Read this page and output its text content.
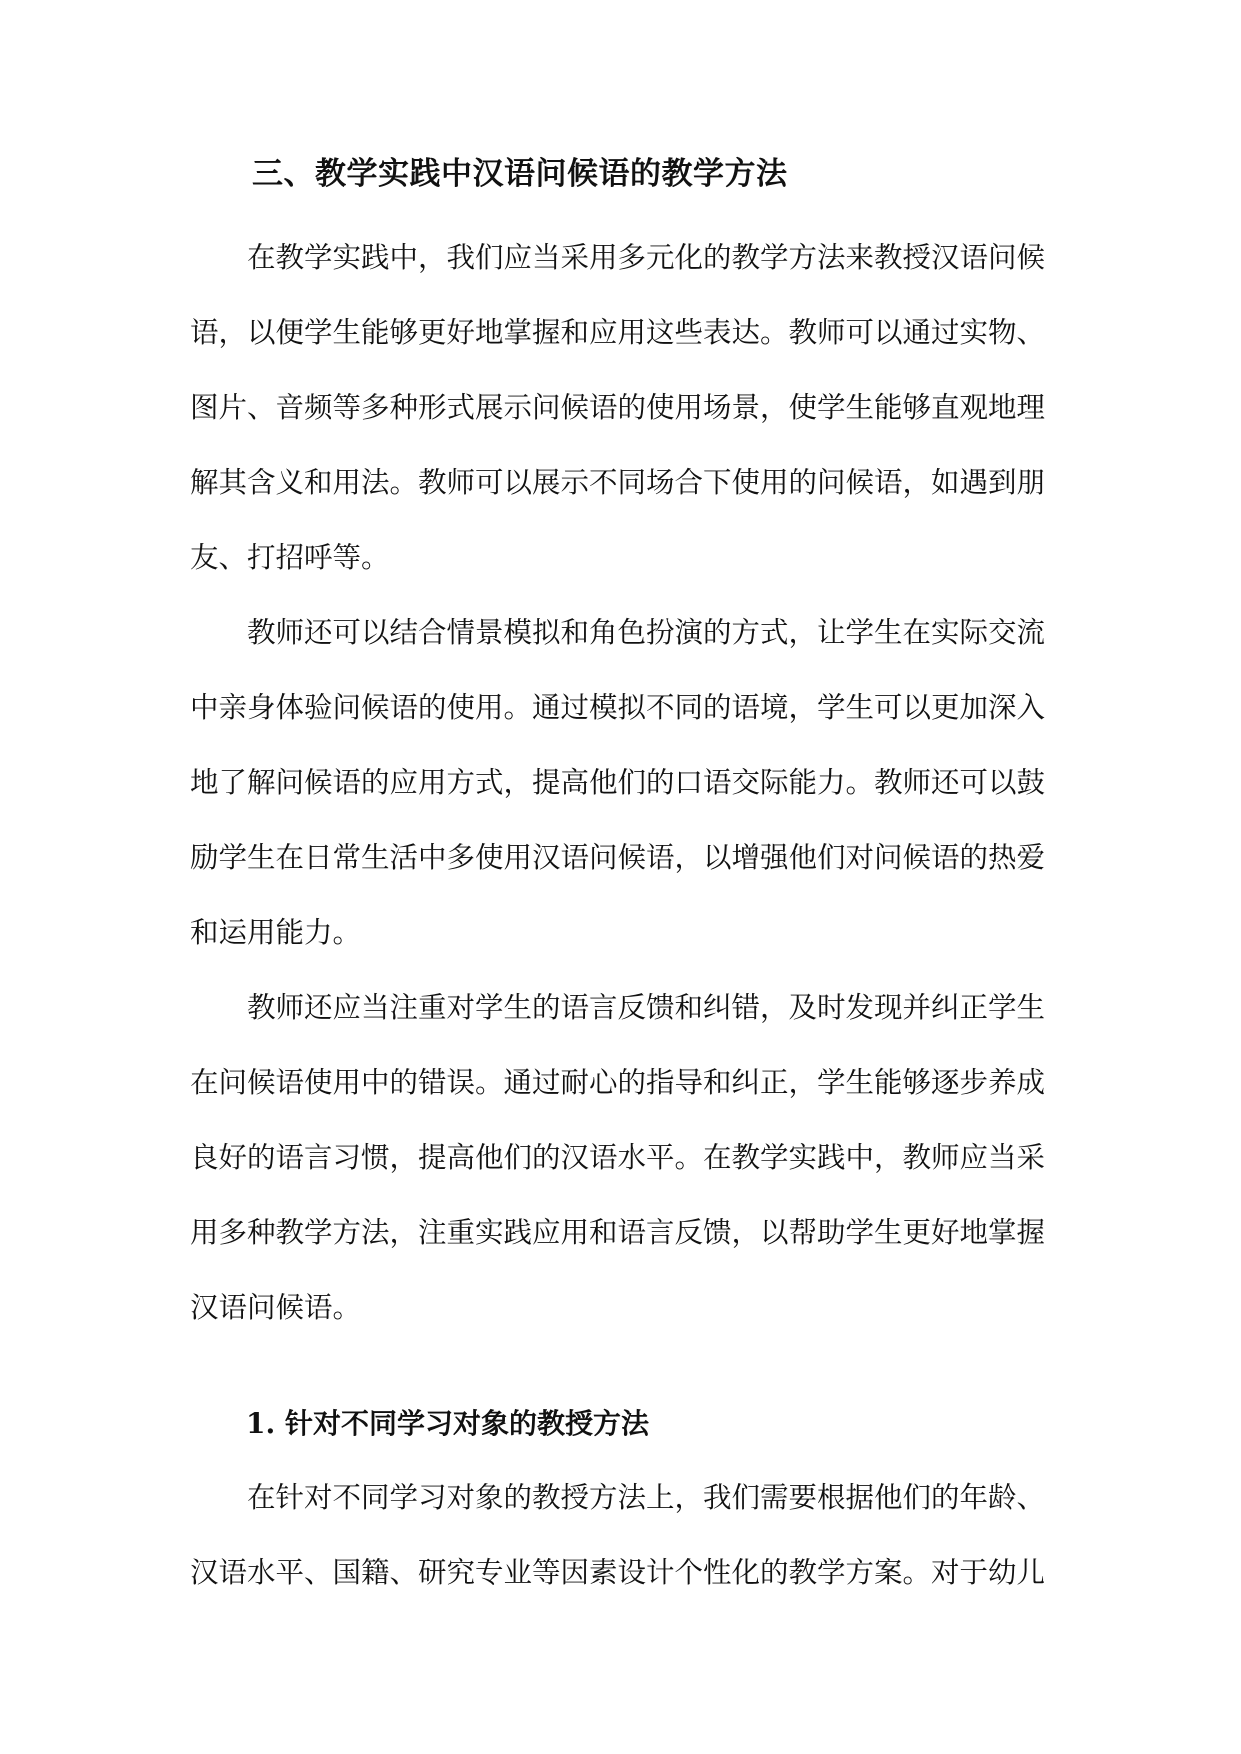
三、教学实践中汉语问候语的教学方法
在教学实践中，我们应当采用多元化的教学方法来教授汉语问候
语，以便学生能够更好地掌握和应用这些表达。教师可以通过实物、
图片、音频等多种形式展示问候语的使用场景，使学生能够直观地理
解其含义和用法。教师可以展示不同场合下使用的问候语，如遇到朋
友、打招呼等。
教师还可以结合情景模拟和角色扮演的方式，让学生在实际交流
中亲身体验问候语的使用。通过模拟不同的语境，学生可以更加深入
地了解问候语的应用方式，提高他们的口语交际能力。教师还可以鼓
励学生在日常生活中多使用汉语问候语，以增强他们对问候语的热爱
和运用能力。
教师还应当注重对学生的语言反馈和纠错，及时发现并纠正学生
在问候语使用中的错误。通过耐心的指导和纠正，学生能够逐步养成
良好的语言习惯，提高他们的汉语水平。在教学实践中，教师应当采
用多种教学方法，注重实践应用和语言反馈，以帮助学生更好地掌握
汉语问候语。
1. 针对不同学习对象的教授方法
在针对不同学习对象的教授方法上，我们需要根据他们的年龄、
汉语水平、国籍、研究专业等因素设计个性化的教学方案。对于幼儿
